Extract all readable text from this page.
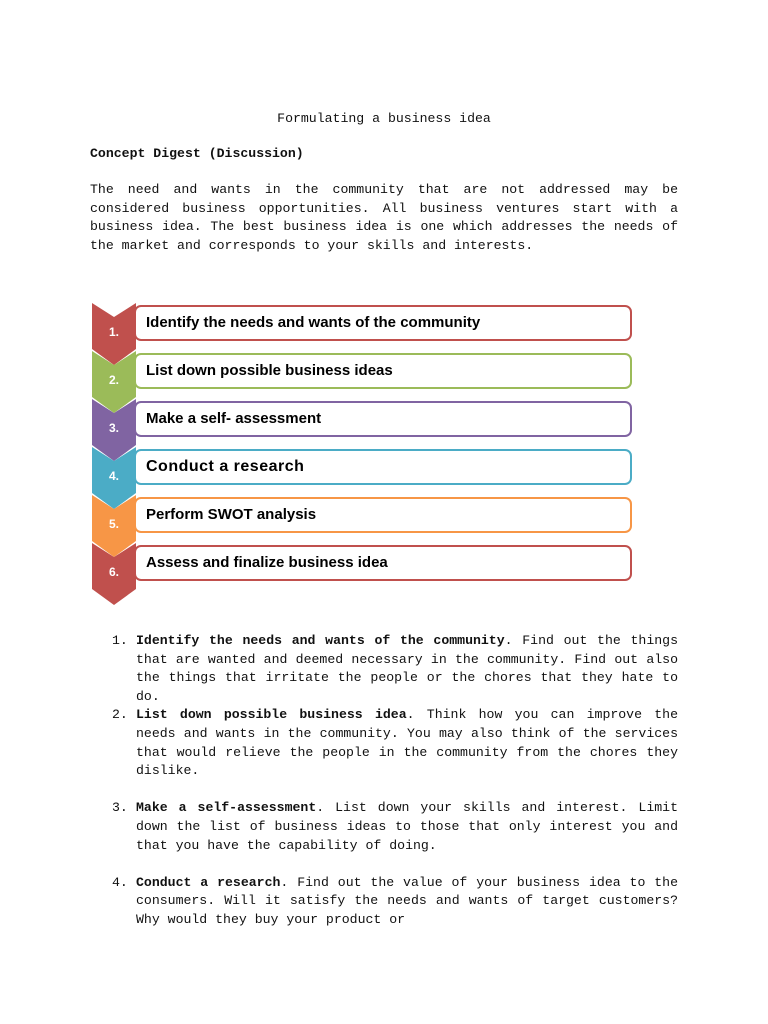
Formulating a business idea
Concept Digest (Discussion)

The need and wants in the community that are not addressed may be considered business opportunities. All business ventures start with a business idea. The best business idea is one which addresses the needs of the market and corresponds to your skills and interests.

Identify the needs and wants of the community
1.
List down possible business ideas
2.
Make a self- assessment
3.
Conduct a research
4.
Perform SWOT analysis
5.
Assess and finalize business idea
6.
1. Identify the needs and wants of the community. Find out the things that are wanted and deemed necessary in the community. Find out also the things that irritate the people or the chores that they hate to do.
2. List down possible business idea. Think how you can improve the needs and wants in the community. You may also think of the services that would relieve the people in the community from the chores they dislike.
3. Make a self-assessment. List down your skills and interest. Limit down the list of business ideas to those that only interest you and that you have the capability of doing.
4. Conduct a research. Find out the value of your business idea to the consumers. Will it satisfy the needs and wants of target customers? Why would they buy your product or
